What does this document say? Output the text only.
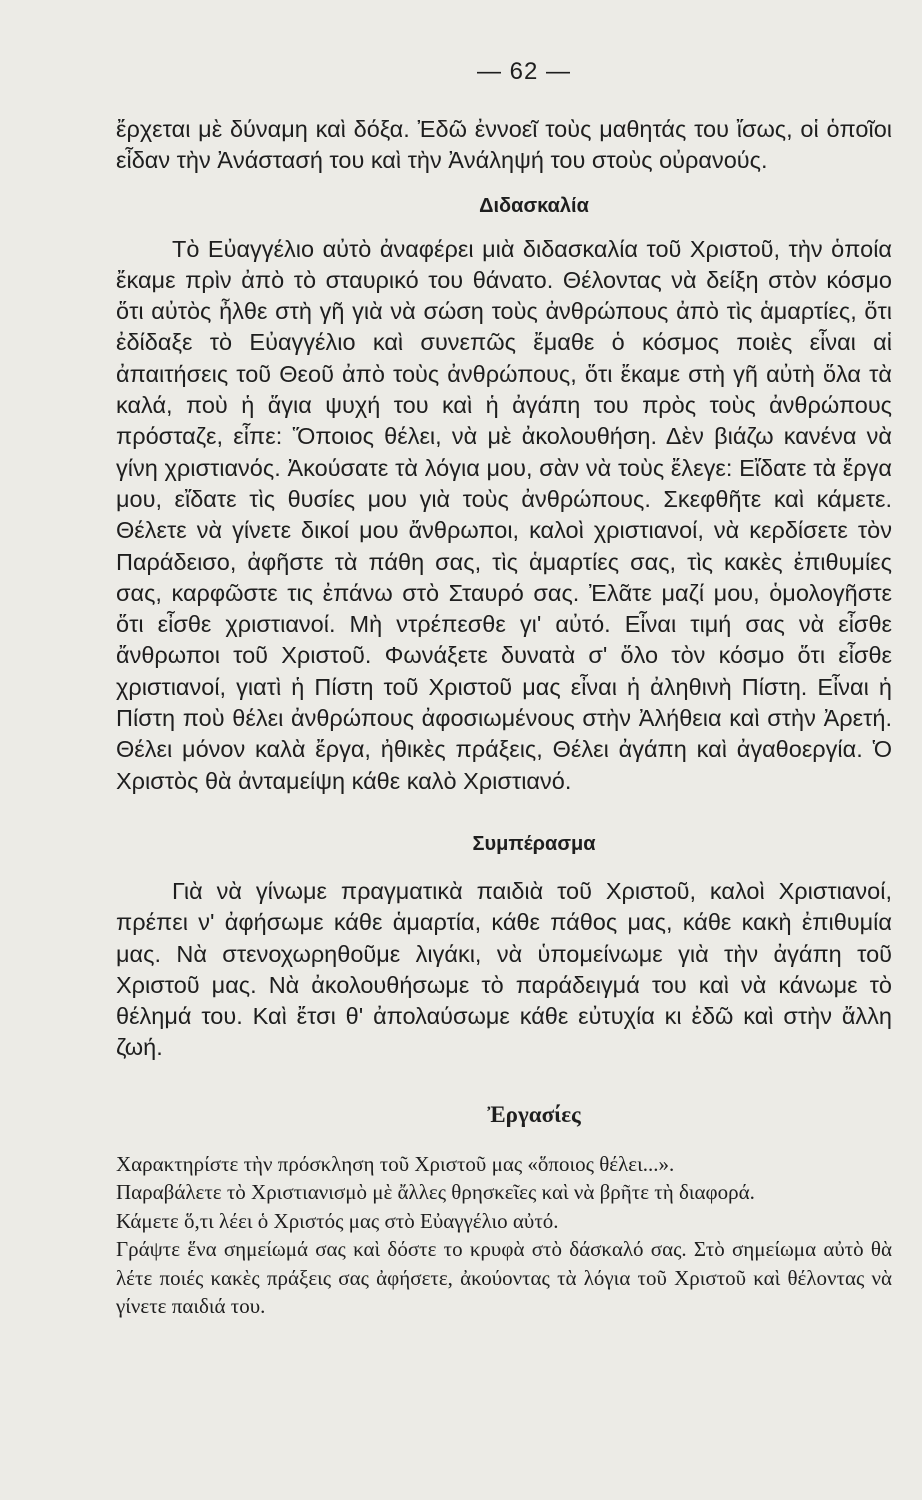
— 62 —

ἔρχεται μὲ δύναμη καὶ δόξα. Ἐδῶ ἐννοεῖ τοὺς μαθητάς του ἴσως, οἱ ὁποῖοι εἶδαν τὴν Ἀνάστασή του καὶ τὴν Ἀνάληψή του στοὺς οὐρανούς.

Διδασκαλία

Τὸ Εὐαγγέλιο αὐτὸ ἀναφέρει μιὰ διδασκαλία τοῦ Χριστοῦ, τὴν ὁποία ἔκαμε πρὶν ἀπὸ τὸ σταυρικό του θάνατο. Θέλοντας νὰ δείξη στὸν κόσμο ὅτι αὐτὸς ἦλθε στὴ γῆ γιὰ νὰ σώση τοὺς ἀνθρώπους ἀπὸ τὶς ἁμαρτίες, ὅτι ἐδίδαξε τὸ Εὐαγγέλιο καὶ συνεπῶς ἔμαθε ὁ κόσμος ποιὲς εἶναι αἱ ἀπαιτήσεις τοῦ Θεοῦ ἀπὸ τοὺς ἀνθρώπους, ὅτι ἔκαμε στὴ γῆ αὐτὴ ὅλα τὰ καλά, ποὺ ἡ ἅγια ψυχή του καὶ ἡ ἀγάπη του πρὸς τοὺς ἀνθρώπους πρόσταζε, εἶπε: Ὅποιος θέλει, νὰ μὲ ἀκολουθήση. Δὲν βιάζω κανένα νὰ γίνη χριστιανός. Ἀκούσατε τὰ λόγια μου, σὰν νὰ τοὺς ἔλεγε: Εἴδατε τὰ ἔργα μου, εἴδατε τὶς θυσίες μου γιὰ τοὺς ἀνθρώπους. Σκεφθῆτε καὶ κάμετε. Θέλετε νὰ γίνετε δικοί μου ἄνθρωποι, καλοὶ χριστιανοί, νὰ κερδίσετε τὸν Παράδεισο, ἀφῆστε τὰ πάθη σας, τὶς ἁμαρτίες σας, τὶς κακὲς ἐπιθυμίες σας, καρφῶστε τις ἐπάνω στὸ Σταυρό σας. Ἐλᾶτε μαζί μου, ὁμολογῆστε ὅτι εἶσθε χριστιανοί. Μὴ ντρέπεσθε γι' αὐτό. Εἶναι τιμή σας νὰ εἶσθε ἄνθρωποι τοῦ Χριστοῦ. Φωνάξετε δυνατὰ σ' ὅλο τὸν κόσμο ὅτι εἶσθε χριστιανοί, γιατὶ ἡ Πίστη τοῦ Χριστοῦ μας εἶναι ἡ ἀληθινὴ Πίστη. Εἶναι ἡ Πίστη ποὺ θέλει ἀνθρώπους ἀφοσιωμένους στὴν Ἀλήθεια καὶ στὴν Ἀρετή. Θέλει μόνον καλὰ ἔργα, ἠθικὲς πράξεις, Θέλει ἀγάπη καὶ ἀγαθοεργία. Ὁ Χριστὸς θὰ ἀνταμείψη κάθε καλὸ Χριστιανό.

Συμπέρασμα

Γιὰ νὰ γίνωμε πραγματικὰ παιδιὰ τοῦ Χριστοῦ, καλοὶ Χριστιανοί, πρέπει ν' ἀφήσωμε κάθε ἁμαρτία, κάθε πάθος μας, κάθε κακὴ ἐπιθυμία μας. Νὰ στενοχωρηθοῦμε λιγάκι, νὰ ὑπομείνωμε γιὰ τὴν ἀγάπη τοῦ Χριστοῦ μας. Νὰ ἀκολουθήσωμε τὸ παράδειγμά του καὶ νὰ κάνωμε τὸ θέλημά του. Καὶ ἔτσι θ' ἀπολαύσωμε κάθε εὐτυχία κι ἐδῶ καὶ στὴν ἄλλη ζωή.

Ἐργασίες

Χαρακτηρίστε τὴν πρόσκληση τοῦ Χριστοῦ μας «ὅποιος θέλει...».

Παραβάλετε τὸ Χριστιανισμὸ μὲ ἄλλες θρησκεῖες καὶ νὰ βρῆτε τὴ διαφορά.

Κάμετε ὅ,τι λέει ὁ Χριστός μας στὸ Εὐαγγέλιο αὐτό.

Γράψτε ἕνα σημείωμά σας καὶ δόστε το κρυφὰ στὸ δάσκαλό σας. Στὸ σημείωμα αὐτὸ θὰ λέτε ποιές κακὲς πράξεις σας ἀφήσετε, ἀκούοντας τὰ λόγια τοῦ Χριστοῦ καὶ θέλοντας νὰ γίνετε παιδιά του.
